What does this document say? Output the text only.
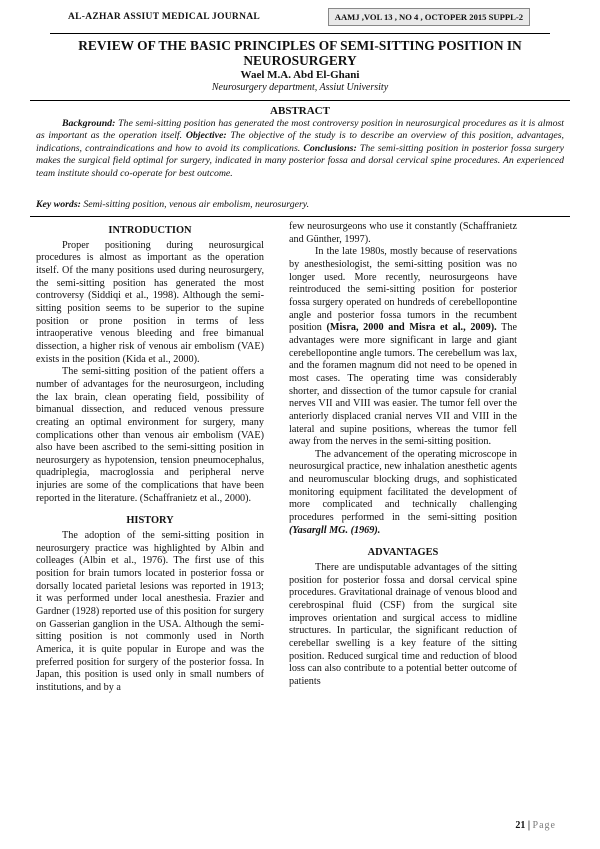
AL-AZHAR ASSIUT MEDICAL JOURNAL	AAMJ ,VOL 13 , NO 4 , OCTOPER 2015 SUPPL-2
REVIEW OF THE BASIC PRINCIPLES OF SEMI-SITTING POSITION IN
NEUROSURGERY
Wael M.A. Abd El-Ghani
Neurosurgery department, Assiut University
ABSTRACT
Background: The semi-sitting position has generated the most controversy position in neurosurgical procedures as it is almost as important as the operation itself. Objective: The objective of the study is to describe an overview of this position, advantages, indications, contraindications and how to avoid its complications. Conclusions: The semi-sitting position in posterior fossa surgery makes the surgical field optimal for surgery, indicated in many posterior fossa and dorsal cervical spine procedures. An experienced team institute should co-operate for best outcome.
Key words: Semi-sitting position, venous air embolism, neurosurgery.
INTRODUCTION

Proper positioning during neurosurgical procedures is almost as important as the operation itself. Of the many positions used during neurosurgery, the semi-sitting position has generated the most controversy (Siddiqi et al., 1998). Although the semi-sitting position seems to be superior to the supine position or prone position in terms of less intraoperative venous bleeding and free bimanual dissection, a higher risk of venous air embolism (VAE) exists in the position (Kida et al., 2000).

The semi-sitting position of the patient offers a number of advantages for the neurosurgeon, including the lax brain, clean operating field, possibility of bimanual dissection, and reduced venous pressure creating an optimal environment for surgery, many complications other than venous air embolism (VAE) also have been ascribed to the semi-sitting position in neurosurgery as hypotension, tension pneumocephalus, quadriplegia, macroglossia and peripheral nerve injuries are some of the complications that have been reported in the literature. (Schaffranietz et al., 2000).

HISTORY

The adoption of the semi-sitting position in neurosurgery practice was highlighted by Albin and colleages (Albin et al., 1976). The first use of this position for brain tumors located in posterior fossa or dorsally located parietal lesions was reported in 1913; it was performed under local anesthesia. Frazier and Gardner (1928) reported use of this position for surgery on Gasserian ganglion in the USA. Although the semi-sitting position is not commonly used in North America, it is quite popular in Europe and was the preferred position for surgery of the posterior fossa. In Japan, this position is used only in small numbers of institutions, and by a

few neurosurgeons who use it constantly (Schaffranietz and Günther, 1997).

In the late 1980s, mostly because of reservations by anesthesiologist, the semi-sitting position was no longer used. More recently, neurosurgeons have reintroduced the semi-sitting position for posterior fossa surgery operated on hundreds of cerebellopontine angle and posterior fossa tumors in the recumbent position (Misra, 2000 and Misra et al., 2009). The advantages were more significant in large and giant cerebellopontine angle tumors. The cerebellum was lax, and the foramen magnum did not need to be opened in most cases. The operating time was considerably shorter, and dissection of the tumor capsule for cranial nerves VII and VIII was easier. The tumor fell over the anteriorly displaced cranial nerves VII and VIII in the lateral and supine positions, whereas the tumor fell away from the nerves in the semi-sitting position.

The advancement of the operating microscope in neurosurgical practice, new inhalation anesthetic agents and neuromuscular blocking drugs, and sophisticated monitoring equipment facilitated the development of more complicated and technically challenging procedures performed in the semi-sitting position (Yasargll MG. (1969).

ADVANTAGES

There are undisputable advantages of the sitting position for posterior fossa and dorsal cervical spine procedures. Gravitational drainage of venous blood and cerebrospinal fluid (CSF) from the surgical site improves orientation and surgical access to midline structures. In particular, the significant reduction of cerebellar swelling is a key feature of the sitting position. Reduced surgical time and reduction of blood loss can also contribute to a potential better outcome of patients

21 | Page
